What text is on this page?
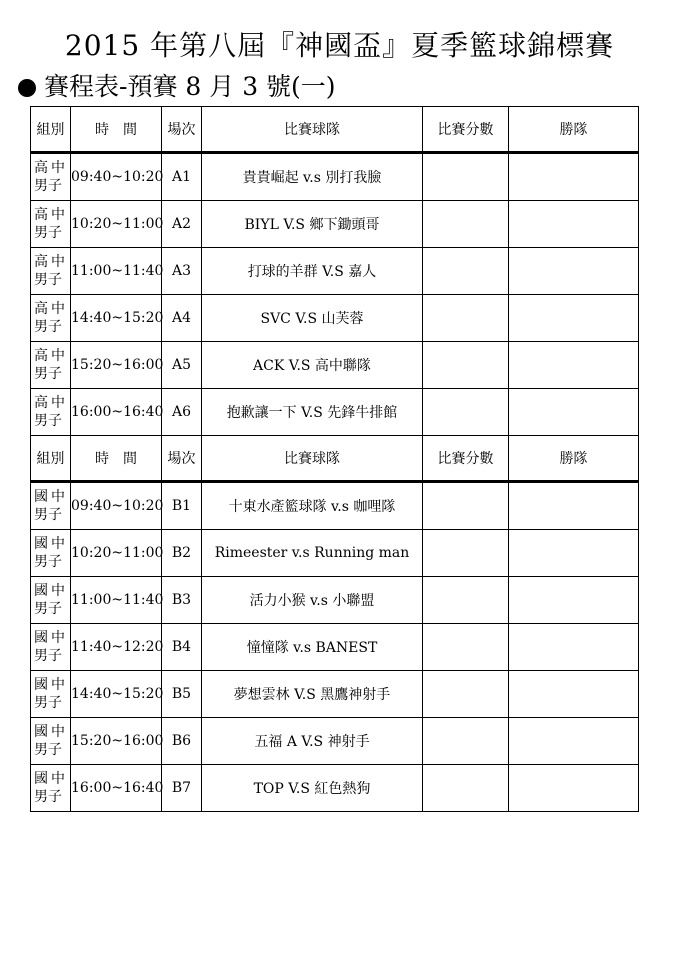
2015 年第八屆『神國盃』夏季籃球錦標賽
賽程表-預賽 8 月 3 號(一)
組別	時　間	場次	比賽球隊	比賽分數	勝隊

高中
男子	09:40~10:20	A1	貴貴崛起 v.s 別打我臉		

高中
男子	10:20~11:00	A2	BIYL V.S 鄉下鋤頭哥		

高中
男子	11:00~11:40	A3	打球的羊群 V.S 嘉人		

高中
男子	14:40~15:20	A4	SVC V.S 山芙蓉		

高中
男子	15:20~16:00	A5	ACK V.S 高中聯隊		

高中
男子	16:00~16:40	A6	抱歉讓一下 V.S 先鋒牛排館		
組別	時　間	場次	比賽球隊	比賽分數	勝隊

國中
男子	09:40~10:20	B1	十東水產籃球隊 v.s 咖哩隊		

國中
男子	10:20~11:00	B2	Rimeester v.s Running man		

國中
男子	11:00~11:40	B3	活力小猴 v.s 小聯盟		

國中
男子	11:40~12:20	B4	憧憧隊 v.s BANEST		

國中
男子	14:40~15:20	B5	夢想雲林 V.S 黑鷹神射手		

國中
男子	15:20~16:00	B6	五福 A V.S 神射手		

國中
男子	16:00~16:40	B7	TOP V.S 紅色熱狗		
